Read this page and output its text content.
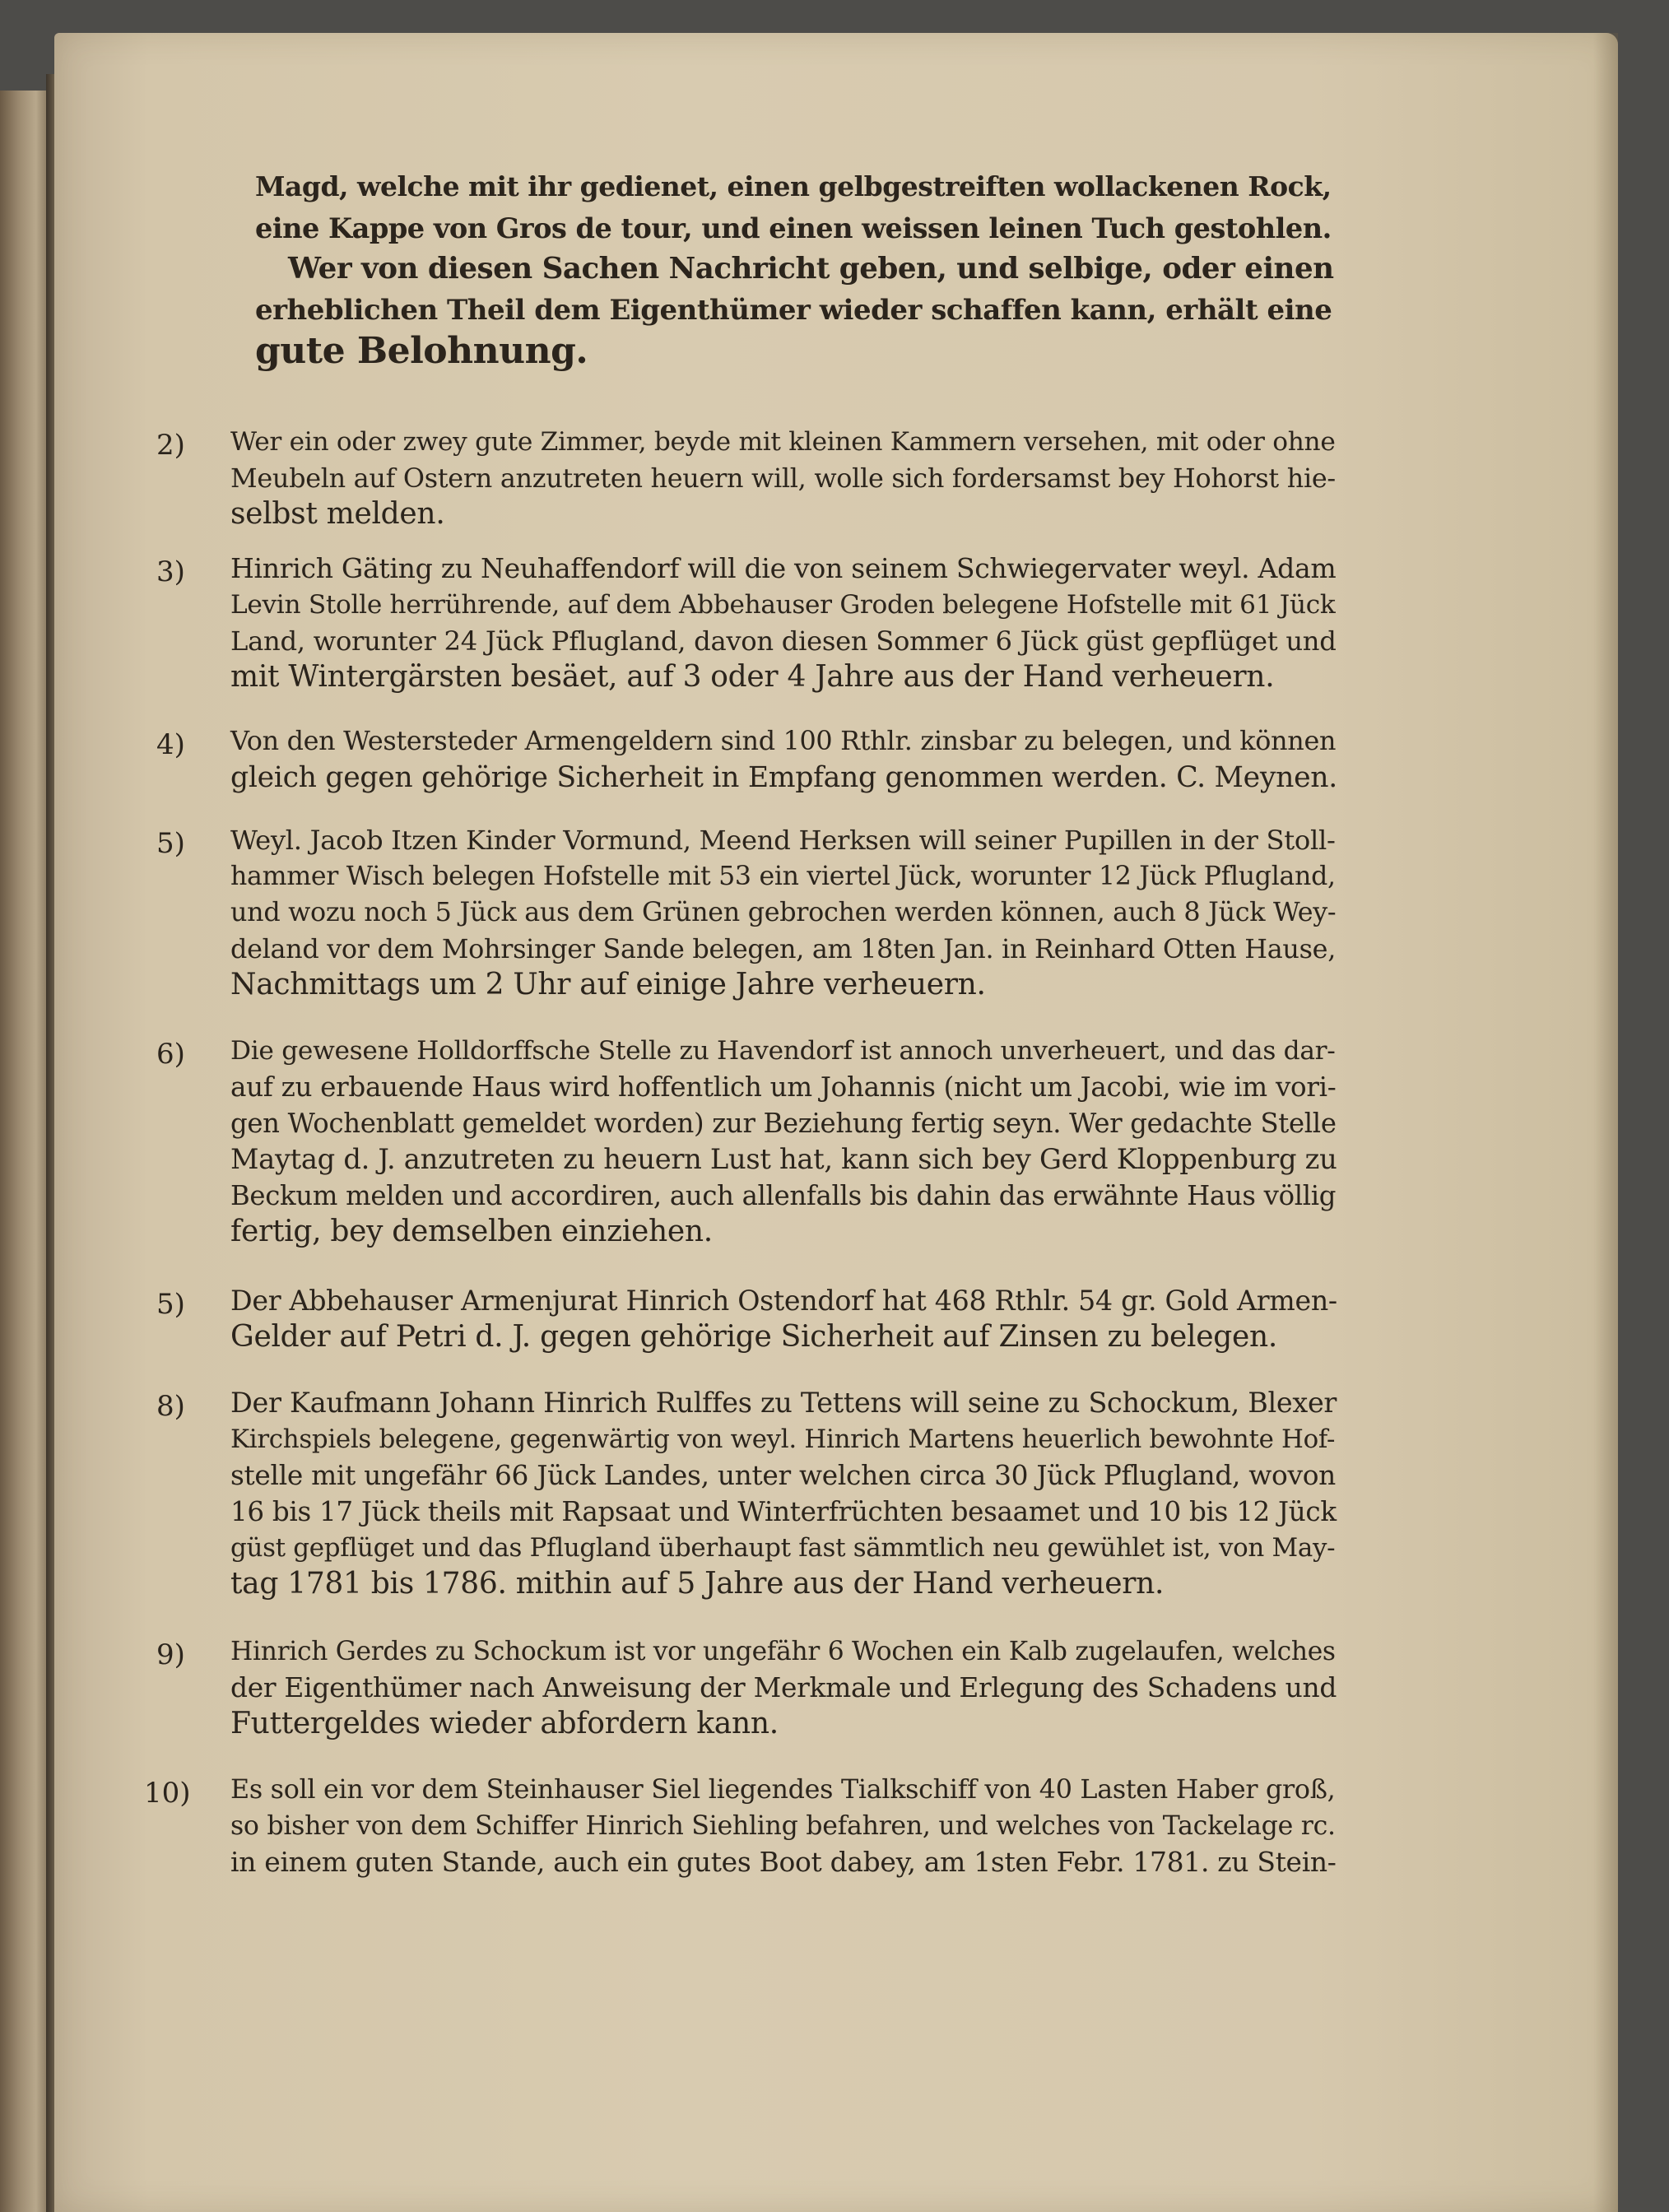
Magd, welche mit ihr gedienet, einen gelbgestreiften wollackenen Rock,
eine Kappe von Gros de tour, und einen weissen leinen Tuch gestohlen.
Wer von diesen Sachen Nachricht geben, und selbige, oder einen
erheblichen Theil dem Eigenthümer wieder schaffen kann, erhält eine
gute Belohnung.
2) Wer ein oder zwey gute Zimmer, beyde mit kleinen Kammern versehen, mit oder ohne
Meubeln auf Ostern anzutreten heuern will, wolle sich fordersamst bey Hohorst hie-
selbst melden.
3) Hinrich Gäting zu Neuhaffendorf will die von seinem Schwiegervater weyl. Adam
Levin Stolle herrührende, auf dem Abbehauser Groden belegene Hofstelle mit 61 Jück
Land, worunter 24 Jück Pflugland, davon diesen Sommer 6 Jück güst gepflüget und
mit Wintergärsten besäet, auf 3 oder 4 Jahre aus der Hand verheuern.
4) Von den Westersteder Armengeldern sind 100 Rthlr. zinsbar zu belegen, und können
gleich gegen gehörige Sicherheit in Empfang genommen werden. C. Meynen.
5) Weyl. Jacob Itzen Kinder Vormund, Meend Herksen will seiner Pupillen in der Stoll-
hammer Wisch belegen Hofstelle mit 53 ein viertel Jück, worunter 12 Jück Pflugland,
und wozu noch 5 Jück aus dem Grünen gebrochen werden können, auch 8 Jück Wey-
deland vor dem Mohrsinger Sande belegen, am 18ten Jan. in Reinhard Otten Hause,
Nachmittags um 2 Uhr auf einige Jahre verheuern.
6) Die gewesene Holldorffsche Stelle zu Havendorf ist annoch unverheuert, und das dar-
auf zu erbauende Haus wird hoffentlich um Johannis (nicht um Jacobi, wie im vori-
gen Wochenblatt gemeldet worden) zur Beziehung fertig seyn. Wer gedachte Stelle
Maytag d. J. anzutreten zu heuern Lust hat, kann sich bey Gerd Kloppenburg zu
Beckum melden und accordiren, auch allenfalls bis dahin das erwähnte Haus völlig
fertig, bey demselben einziehen.
5) Der Abbehauser Armenjurat Hinrich Ostendorf hat 468 Rthlr. 54 gr. Gold Armen-
Gelder auf Petri d. J. gegen gehörige Sicherheit auf Zinsen zu belegen.
8) Der Kaufmann Johann Hinrich Rulffes zu Tettens will seine zu Schockum, Blexer
Kirchspiels belegene, gegenwärtig von weyl. Hinrich Martens heuerlich bewohnte Hof-
stelle mit ungefähr 66 Jück Landes, unter welchen circa 30 Jück Pflugland, wovon
16 bis 17 Jück theils mit Rapsaat und Winterfrüchten besaamet und 10 bis 12 Jück
güst gepflüget und das Pflugland überhaupt fast sämmtlich neu gewühlet ist, von May-
tag 1781 bis 1786. mithin auf 5 Jahre aus der Hand verheuern.
9) Hinrich Gerdes zu Schockum ist vor ungefähr 6 Wochen ein Kalb zugelaufen, welches
der Eigenthümer nach Anweisung der Merkmale und Erlegung des Schadens und
Futtergeldes wieder abfordern kann.
10) Es soll ein vor dem Steinhauser Siel liegendes Tialkschiff von 40 Lasten Haber groß,
so bisher von dem Schiffer Hinrich Siehling befahren, und welches von Tackelage rc.
in einem guten Stande, auch ein gutes Boot dabey, am 1sten Febr. 1781. zu Stein-
